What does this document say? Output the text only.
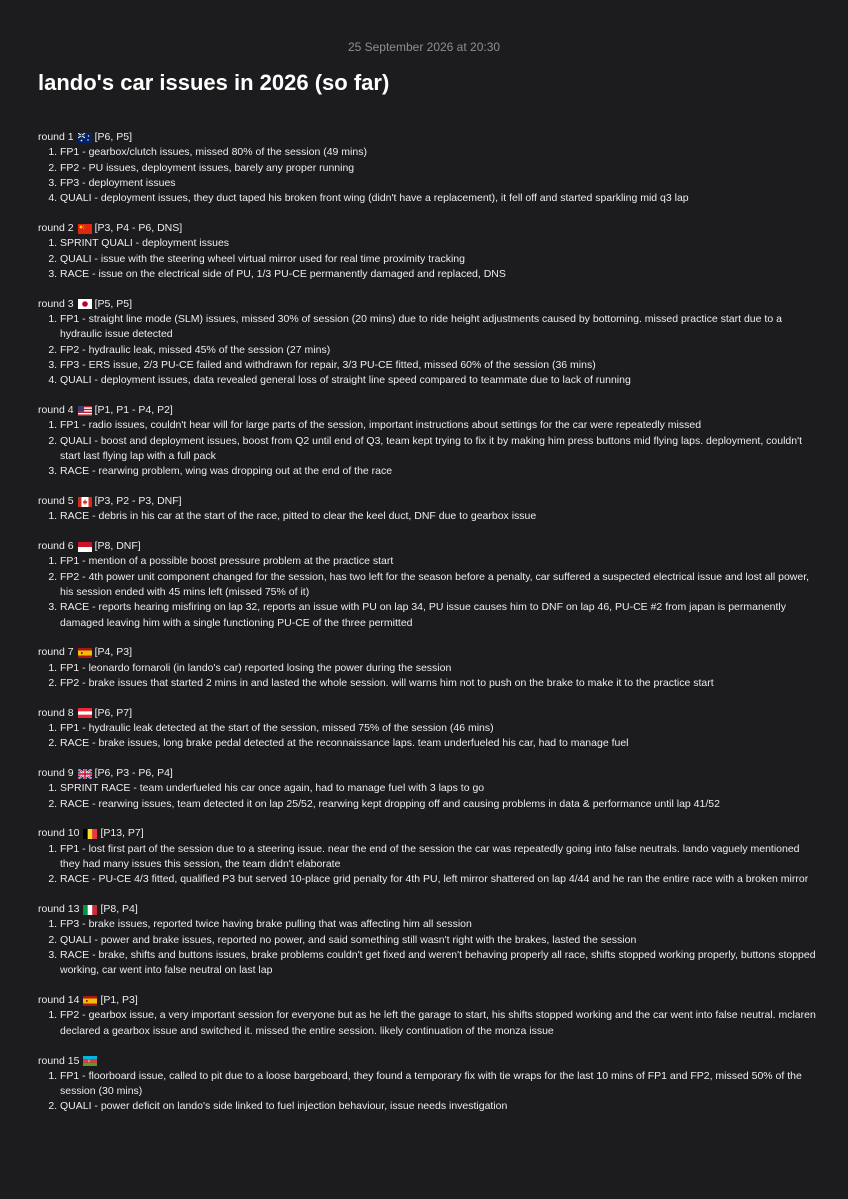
25 September 2026 at 20:30
lando's car issues in 2026 (so far)
round 1 [P6, P5]
1. FP1 - gearbox/clutch issues, missed 80% of the session (49 mins)
2. FP2 - PU issues, deployment issues, barely any proper running
3. FP3 - deployment issues
4. QUALI - deployment issues, they duct taped his broken front wing (didn't have a replacement), it fell off and started sparkling mid q3 lap
round 2 [P3, P4 - P6, DNS]
1. SPRINT QUALI - deployment issues
2. QUALI - issue with the steering wheel virtual mirror used for real time proximity tracking
3. RACE - issue on the electrical side of PU, 1/3 PU-CE permanently damaged and replaced, DNS
round 3 [P5, P5]
1. FP1 - straight line mode (SLM) issues, missed 30% of session (20 mins) due to ride height adjustments caused by bottoming. missed practice start due to a hydraulic issue detected
2. FP2 - hydraulic leak, missed 45% of the session (27 mins)
3. FP3 - ERS issue, 2/3 PU-CE failed and withdrawn for repair, 3/3 PU-CE fitted, missed 60% of the session (36 mins)
4. QUALI - deployment issues, data revealed general loss of straight line speed compared to teammate due to lack of running
round 4 [P1, P1 - P4, P2]
1. FP1 - radio issues, couldn't hear will for large parts of the session, important instructions about settings for the car were repeatedly missed
2. QUALI - boost and deployment issues, boost from Q2 until end of Q3, team kept trying to fix it by making him press buttons mid flying laps. deployment, couldn't start last flying lap with a full pack
3. RACE - rearwing problem, wing was dropping out at the end of the race
round 5 [P3, P2 - P3, DNF]
1. RACE - debris in his car at the start of the race, pitted to clear the keel duct, DNF due to gearbox issue
round 6 [P8, DNF]
1. FP1 - mention of a possible boost pressure problem at the practice start
2. FP2 - 4th power unit component changed for the session, has two left for the season before a penalty, car suffered a suspected electrical issue and lost all power, his session ended with 45 mins left (missed 75% of it)
3. RACE - reports hearing misfiring on lap 32, reports an issue with PU on lap 34, PU issue causes him to DNF on lap 46, PU-CE #2 from japan is permanently damaged leaving him with a single functioning PU-CE of the three permitted
round 7 [P4, P3]
1. FP1 - leonardo fornaroli (in lando's car) reported losing the power during the session
2. FP2 - brake issues that started 2 mins in and lasted the whole session. will warns him not to push on the brake to make it to the practice start
round 8 [P6, P7]
1. FP1 - hydraulic leak detected at the start of the session, missed 75% of the session (46 mins)
2. RACE - brake issues, long brake pedal detected at the reconnaissance laps. team underfueled his car, had to manage fuel
round 9 [P6, P3 - P6, P4]
1. SPRINT RACE - team underfueled his car once again, had to manage fuel with 3 laps to go
2. RACE - rearwing issues, team detected it on lap 25/52, rearwing kept dropping off and causing problems in data & performance until lap 41/52
round 10 [P13, P7]
1. FP1 - lost first part of the session due to a steering issue. near the end of the session the car was repeatedly going into false neutrals. lando vaguely mentioned they had many issues this session, the team didn't elaborate
2. RACE - PU-CE 4/3 fitted, qualified P3 but served 10-place grid penalty for 4th PU, left mirror shattered on lap 4/44 and he ran the entire race with a broken mirror
round 13 [P8, P4]
1. FP3 - brake issues, reported twice having brake pulling that was affecting him all session
2. QUALI - power and brake issues, reported no power, and said something still wasn't right with the brakes, lasted the session
3. RACE - brake, shifts and buttons issues, brake problems couldn't get fixed and weren't behaving properly all race, shifts stopped working properly, buttons stopped working, car went into false neutral on last lap
round 14 [P1, P3]
1. FP2 - gearbox issue, a very important session for everyone but as he left the garage to start, his shifts stopped working and the car went into false neutral. mclaren declared a gearbox issue and switched it. missed the entire session. likely continuation of the monza issue
round 15
1. FP1 - floorboard issue, called to pit due to a loose bargeboard, they found a temporary fix with tie wraps for the last 10 mins of FP1 and FP2, missed 50% of the session (30 mins)
2. QUALI - power deficit on lando's side linked to fuel injection behaviour, issue needs investigation
